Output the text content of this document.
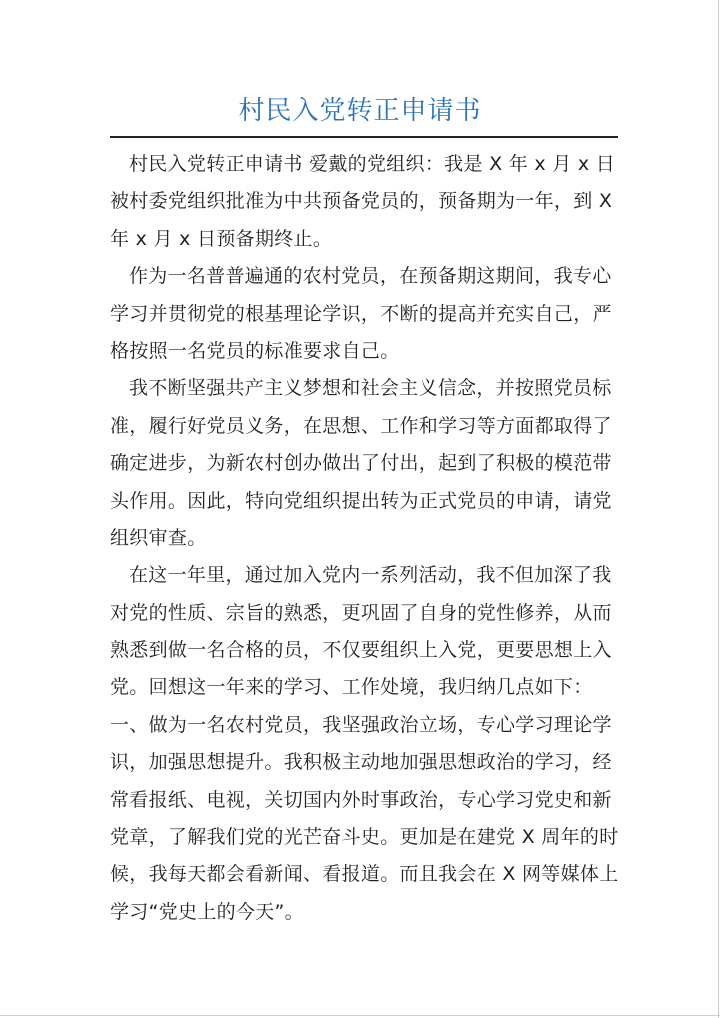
村民入党转正申请书
村民入党转正申请书 爱戴的党组织：我是 X 年 x 月 x 日
被村委党组织批准为中共预备党员的，预备期为一年，到 X
年 x 月 x 日预备期终止。
作为一名普普遍通的农村党员，在预备期这期间，我专心
学习并贯彻党的根基理论学识，不断的提高并充实自己，严
格按照一名党员的标准要求自己。
我不断坚强共产主义梦想和社会主义信念，并按照党员标
准，履行好党员义务，在思想、工作和学习等方面都取得了
确定进步，为新农村创办做出了付出，起到了积极的模范带
头作用。因此，特向党组织提出转为正式党员的申请，请党
组织审查。
在这一年里，通过加入党内一系列活动，我不但加深了我
对党的性质、宗旨的熟悉，更巩固了自身的党性修养，从而
熟悉到做一名合格的员，不仅要组织上入党，更要思想上入
党。回想这一年来的学习、工作处境，我归纳几点如下：
一、做为一名农村党员，我坚强政治立场，专心学习理论学
识，加强思想提升。我积极主动地加强思想政治的学习，经
常看报纸、电视，关切国内外时事政治，专心学习党史和新
党章，了解我们党的光芒奋斗史。更加是在建党 X 周年的时
候，我每天都会看新闻、看报道。而且我会在 X 网等媒体上
学习“党史上的今天”。
